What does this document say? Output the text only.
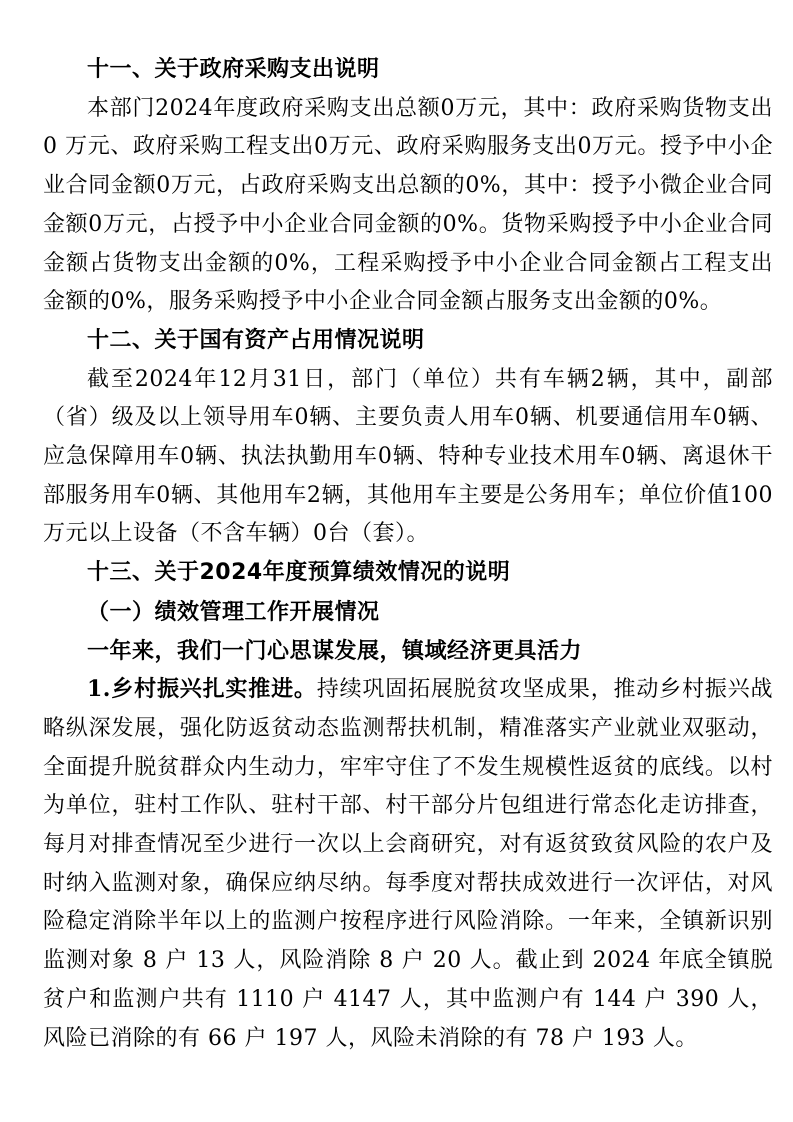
十一、关于政府采购支出说明

本部门2024年度政府采购支出总额0万元，其中：政府采购货物支出0 万元、政府采购工程支出0万元、政府采购服务支出0万元。授予中小企业合同金额0万元，占政府采购支出总额的0%，其中：授予小微企业合同金额0万元，占授予中小企业合同金额的0%。货物采购授予中小企业合同金额占货物支出金额的0%，工程采购授予中小企业合同金额占工程支出金额的0%，服务采购授予中小企业合同金额占服务支出金额的0%。

十二、关于国有资产占用情况说明

截至2024年12月31日，部门（单位）共有车辆2辆，其中，副部（省）级及以上领导用车0辆、主要负责人用车0辆、机要通信用车0辆、应急保障用车0辆、执法执勤用车0辆、特种专业技术用车0辆、离退休干部服务用车0辆、其他用车2辆，其他用车主要是公务用车；单位价值100万元以上设备（不含车辆）0台（套）。

十三、关于2024年度预算绩效情况的说明
（一）绩效管理工作开展情况
一年来，我们一门心思谋发展，镇域经济更具活力

1.乡村振兴扎实推进。持续巩固拓展脱贫攻坚成果，推动乡村振兴战略纵深发展，强化防返贫动态监测帮扶机制，精准落实产业就业双驱动，全面提升脱贫群众内生动力，牢牢守住了不发生规模性返贫的底线。以村为单位，驻村工作队、驻村干部、村干部分片包组进行常态化走访排查，每月对排查情况至少进行一次以上会商研究，对有返贫致贫风险的农户及时纳入监测对象，确保应纳尽纳。每季度对帮扶成效进行一次评估，对风险稳定消除半年以上的监测户按程序进行风险消除。一年来，全镇新识别监测对象 8 户 13 人，风险消除 8 户 20 人。截止到 2024 年底全镇脱贫户和监测户共有 1110 户 4147 人，其中监测户有 144 户 390 人，风险已消除的有 66 户 197 人，风险未消除的有 78 户 193 人。
